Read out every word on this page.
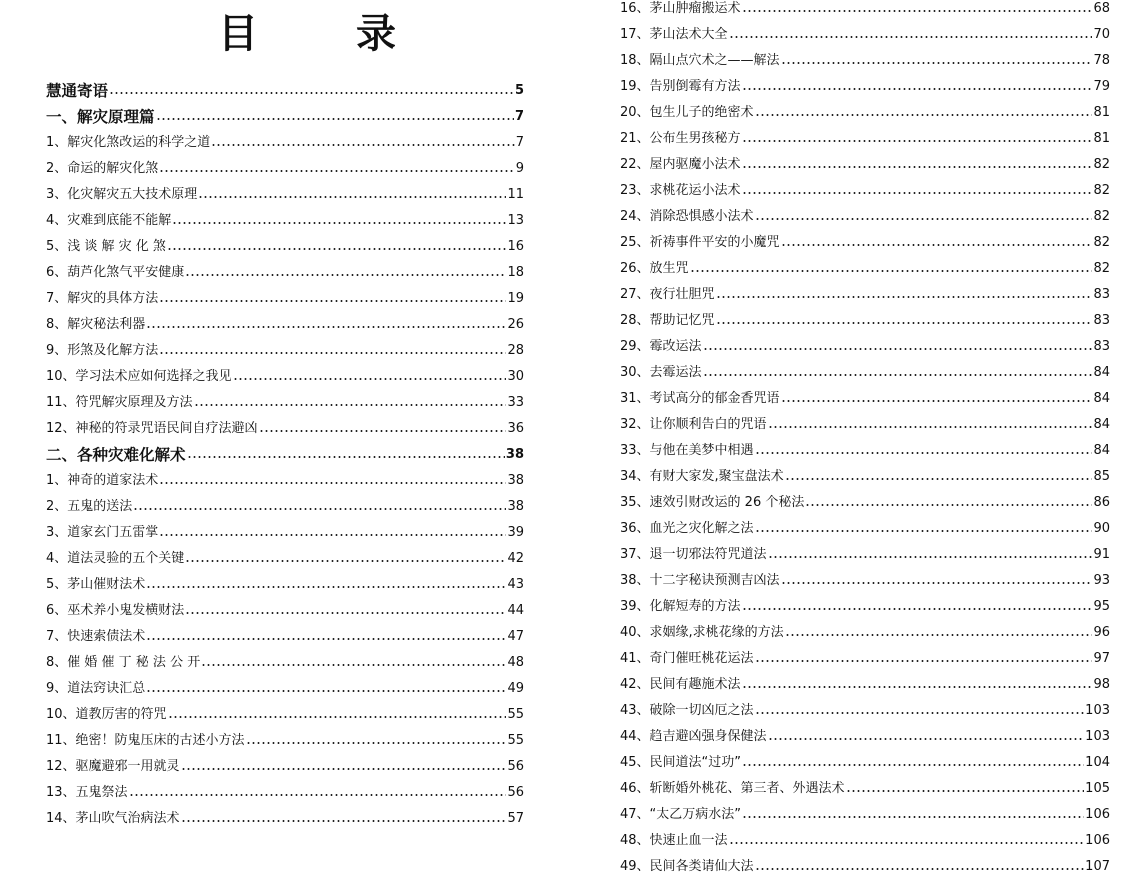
目 录
慧通寄语	5
一、解灾原理篇	7
1、解灾化煞改运的科学之道	7
2、命运的解灾化煞	9
3、化灾解灾五大技术原理	11
4、灾难到底能不能解	13
5、浅 谈 解 灾 化 煞	16
6、葫芦化煞气平安健康	18
7、解灾的具体方法	19
8、解灾秘法利器	26
9、形煞及化解方法	28
10、学习法术应如何选择之我见	30
11、符咒解灾原理及方法	33
12、神秘的符录咒语民间自疗法避凶	36
二、各种灾难化解术	38
1、神奇的道家法术	38
2、五鬼的送法	38
3、道家玄门五雷掌	39
4、道法灵验的五个关键	42
5、茅山催财法术	43
6、巫术养小鬼发横财法	44
7、快速索债法术	47
8、催 婚 催 丁 秘 法 公 开	48
9、道法窍诀汇总	49
10、道教厉害的符咒	55
11、绝密！防鬼压床的古述小方法	55
12、驱魔避邪一用就灵	56
13、五鬼祭法	56
14、茅山吹气治病法术	57
16、茅山肿瘤搬运术	68
17、茅山法术大全	70
18、隔山点穴术之——解法	78
19、告别倒霉有方法	79
20、包生儿子的绝密术	81
21、公布生男孩秘方	81
22、屋内驱魔小法术	82
23、求桃花运小法术	82
24、消除恐惧感小法术	82
25、祈祷事件平安的小魔咒	82
26、放生咒	82
27、夜行壮胆咒	83
28、帮助记忆咒	83
29、霉改运法	83
30、去霉运法	84
31、考试高分的郁金香咒语	84
32、让你顺利告白的咒语	84
33、与他在美梦中相遇	84
34、有财大家发,聚宝盘法术	85
35、速效引财改运的 26 个秘法	86
36、血光之灾化解之法	90
37、退一切邪法符咒道法	91
38、十二字秘诀预测吉凶法	93
39、化解短寿的方法	95
40、求姻缘,求桃花缘的方法	96
41、奇门催旺桃花运法	97
42、民间有趣施术法	98
43、破除一切凶厄之法	103
44、趋吉避凶强身保健法	103
45、民间道法“过功”	104
46、斩断婚外桃花、第三者、外遇法术	105
47、“太乙万病水法”	106
48、快速止血一法	106
49、民间各类请仙大法	107
